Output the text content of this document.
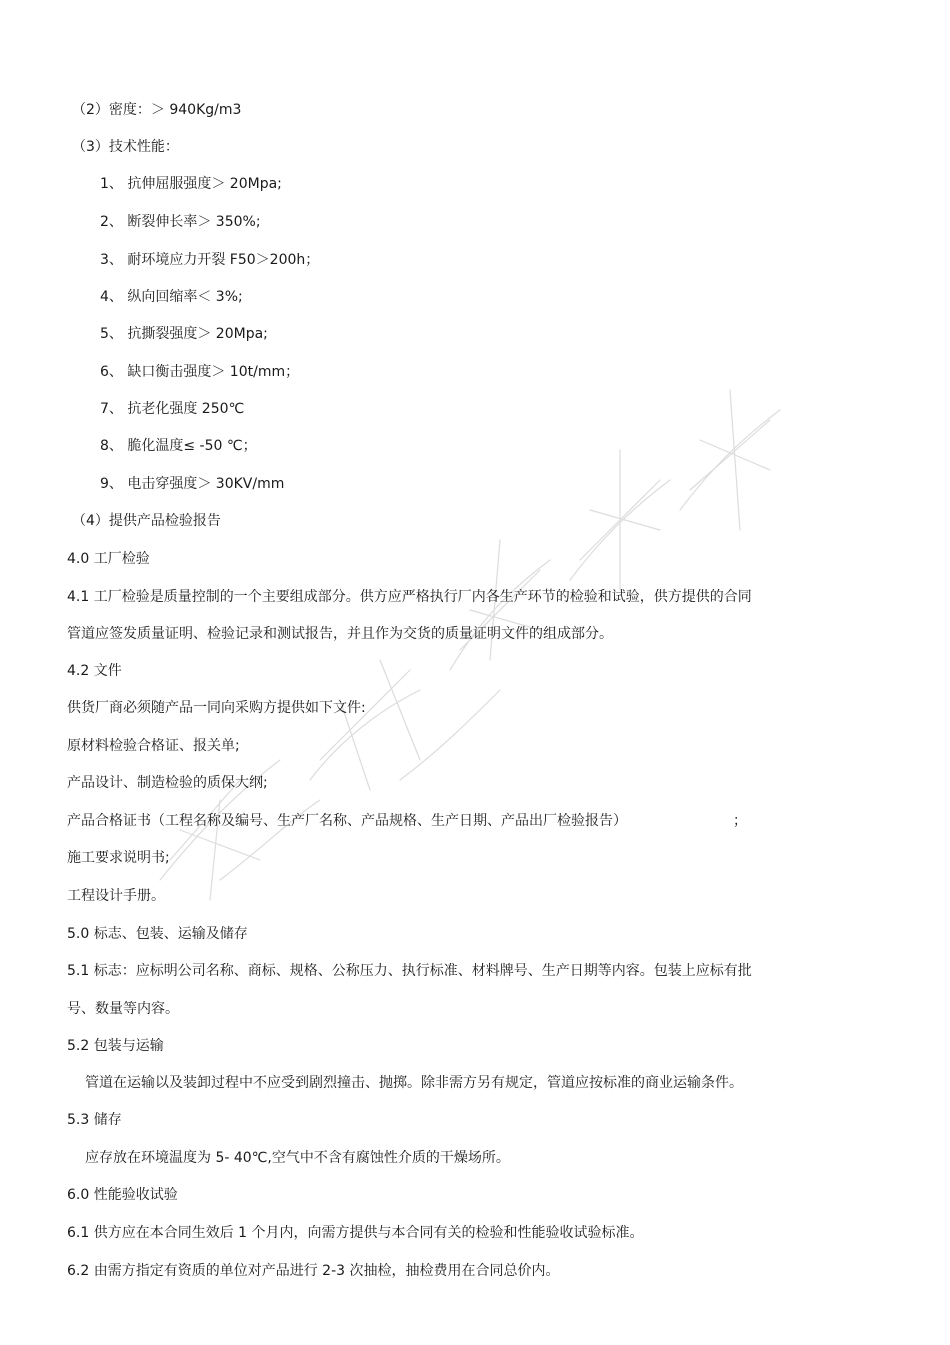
（2）密度：＞ 940Kg/m3
（3）技术性能：
1、 抗伸屈服强度＞ 20Mpa;
2、 断裂伸长率＞ 350%;
3、 耐环境应力开裂 F50＞200h；
4、 纵向回缩率＜ 3%;
5、 抗撕裂强度＞ 20Mpa;
6、 缺口衡击强度＞ 10t/mm；
7、 抗老化强度 250℃
8、 脆化温度≤ -50 ℃；
9、 电击穿强度＞ 30KV/mm
（4）提供产品检验报告
4.0 工厂检验
4.1 工厂检验是质量控制的一个主要组成部分。供方应严格执行厂内各生产环节的检验和试验，供方提供的合同
管道应签发质量证明、检验记录和测试报告，并且作为交货的质量证明文件的组成部分。
4.2 文件
供货厂商必须随产品一同向采购方提供如下文件:
原材料检验合格证、报关单;
产品设计、制造检验的质保大纲;
产品合格证书（工程名称及编号、生产厂名称、产品规格、生产日期、产品出厂检验报告）	；
施工要求说明书;
工程设计手册。
5.0 标志、包装、运输及储存
5.1 标志：应标明公司名称、商标、规格、公称压力、执行标准、材料牌号、生产日期等内容。包装上应标有批
号、数量等内容。
5.2 包装与运输
管道在运输以及装卸过程中不应受到剧烈撞击、抛掷。除非需方另有规定，管道应按标准的商业运输条件。
5.3 储存
应存放在环境温度为 5- 40℃,空气中不含有腐蚀性介质的干燥场所。
6.0 性能验收试验
6.1 供方应在本合同生效后 1 个月内，向需方提供与本合同有关的检验和性能验收试验标准。
6.2 由需方指定有资质的单位对产品进行 2-3 次抽检，抽检费用在合同总价内。
